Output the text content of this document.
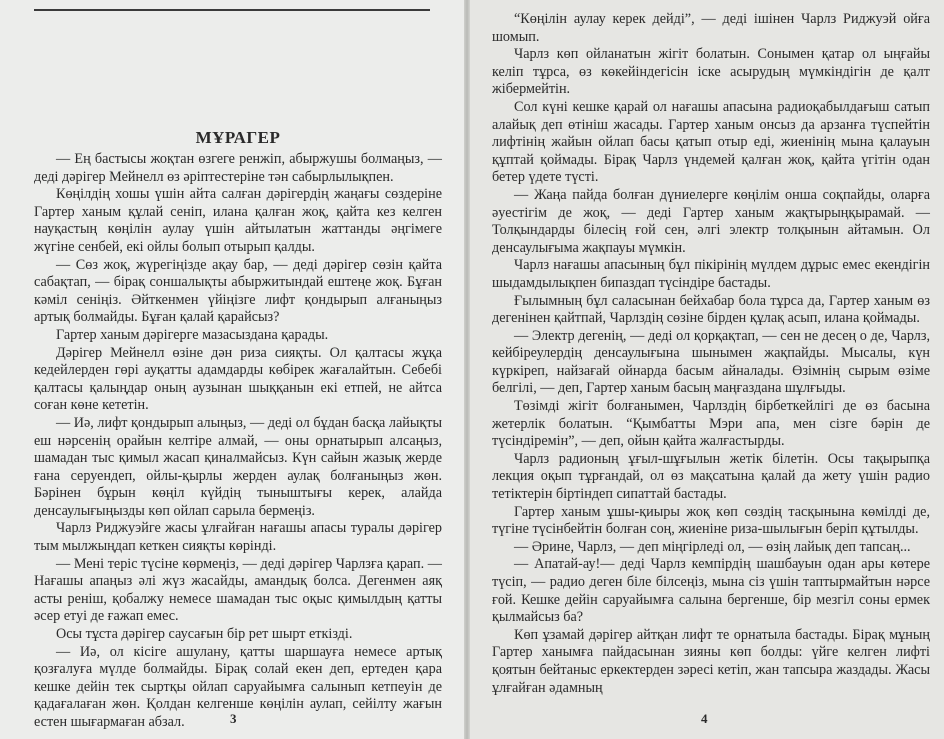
МҰРАГЕР

— Ең бастысы жоқтан өзгеге ренжіп, абыржушы болмаңыз, — деді дәрігер Мейнелл өз әріптестеріне тән сабырлылықпен.

Көңілдің хошы үшін айта салған дәрігердің жаңағы сөздеріне Гартер ханым құлай сеніп, илана қалған жоқ, қайта кез келген науқастың көңілін аулау үшін айтылатын жаттанды әңгімеге жүгіне сенбей, екі ойлы болып отырып қалды.

— Сөз жоқ, жүрегіңізде ақау бар, — деді дәрігер сөзін қайта сабақтап, — бірақ соншалықты абыржитындай ештеңе жоқ. Бұған кәміл сеніңіз. Әйткенмен үйіңізге лифт қондырып алғаныңыз артық болмайды. Бұған қалай қарайсыз?

Гартер ханым дәрігерге мазасыздана қарады.

Дәрігер Мейнелл өзіне дән риза сияқты. Ол қалтасы жұқа кедейлерден гөрі ауқатты адамдарды көбірек жағалайтын. Себебі қалтасы қалыңдар оның аузынан шыққанын екі етпей, не айтса соған көне кететін.

— Иә, лифт қондырып алыңыз, — деді ол бұдан басқа лайықты еш нәрсенің орайын келтіре алмай, — оны орнатырып алсаңыз, шамадан тыс қимыл жасап қиналмайсыз. Күн сайын жазық жерде ғана серуендеп, ойлы-қырлы жерден аулақ болғаныңыз жөн. Бәрінен бұрын көңіл күйдің тыныштығы керек, алайда денсаулығыңызды көп ойлап сарыла бермеңіз.

Чарлз Риджуэйге жасы ұлғайған нағашы апасы туралы дәрігер тым мылжыңдап кеткен сияқты көрінді.

— Мені теріс түсіне көрмеңіз, — деді дәрігер Чарлзға қарап. — Нағашы апаңыз әлі жүз жасайды, амандық болса. Дегенмен аяқ асты реніш, қобалжу немесе шамадан тыс оқыс қимылдың қатты әсер етуі де ғажап емес.

Осы тұста дәрігер саусағын бір рет шырт еткізді.

— Иә, ол кісіге ашулану, қатты шаршауға немесе артық қозғалуға мүлде болмайды. Бірақ солай екен деп, ертеден қара кешке дейін тек сыртқы ойлап саруайымға салынып кетпеуін де қадағалаған жөн. Қолдан келгенше көңілін аулап, сейілту жағын естен шығармаған абзал.	3

“Көңілін аулау керек дейді”, — деді ішінен Чарлз Риджуэй ойға шомып.

Чарлз көп ойланатын жігіт болатын. Сонымен қатар ол ыңғайы келіп тұрса, өз көкейіндегісін іске асырудың мүмкіндігін де қалт жібермейтін.

Сол күні кешке қарай ол нағашы апасына радиоқабылдағыш сатып алайық деп өтініш жасады. Гартер ханым онсыз да арзанға түспейтін лифтінің жайын ойлап басы қатып отыр еді, жиенінің мына қалауын құптай қоймады. Бірақ Чарлз үндемей қалған жоқ, қайта үгітін одан бетер үдете түсті.

— Жаңа пайда болған дүниелерге көңілім онша соқпайды, оларға әуестігім де жоқ, — деді Гартер ханым жақтырыңқырамай. — Толқындарды білесің ғой сен, әлгі электр толқынын айтамын. Ол денсаулығыма жақпауы мүмкін.

Чарлз нағашы апасының бұл пікірінің мүлдем дұрыс емес екендігін шыдамдылықпен бипаздап түсіндіре бастады.

Ғылымның бұл саласынан бейхабар бола тұрса да, Гартер ханым өз дегенінен қайтпай, Чарлздің сөзіне бірден құлақ асып, илана қоймады.

— Электр дегенің, — деді ол қорқақтап, — сен не десең о де, Чарлз, кейбіреулердің денсаулығына шынымен жақпайды. Мысалы, күн күркіреп, найзағай ойнарда басым айналады. Өзімнің сырым өзіме белгілі, — деп, Гартер ханым басың маңғаздана шұлғыды.

Төзімді жігіт болғанымен, Чарлздің бірбеткейлігі де өз басына жетерлік болатын. “Қымбатты Мэри апа, мен сізге бәрін де түсіндіремін”, — деп, ойын қайта жалғастырды.

Чарлз радионың ұғыл-шұғылын жетік білетін. Осы тақырыпқа лекция оқып тұрғандай, ол өз мақсатына қалай да жету үшін радио тетіктерін біртіндеп сипаттай бастады.

Гартер ханым ұшы-қиыры жоқ көп сөздің тасқынына көмілді де, түгіне түсінбейтін болған соң, жиеніне риза-шылығын беріп құтылды.

— Әрине, Чарлз, — деп міңгірледі ол, — өзің лайық деп тапсаң...

— Апатай-ау!— деді Чарлз кемпірдің шашбауын одан ары көтере түсіп, — радио деген біле білсеңіз, мына сіз үшін таптырмайтын нәрсе ғой. Кешке дейін саруайымға салына бергенше, бір мезгіл соны ермек қылмайсыз ба?

Көп ұзамай дәрігер айтқан лифт те орнатыла бастады. Бірақ мұның Гартер ханымға пайдасынан зияны көп болды: үйге келген лифті қоятын бейтаныс еркектерден зәресі кетіп, жан тапсыра жаздады. Жасы ұлғайған әдамның

4
